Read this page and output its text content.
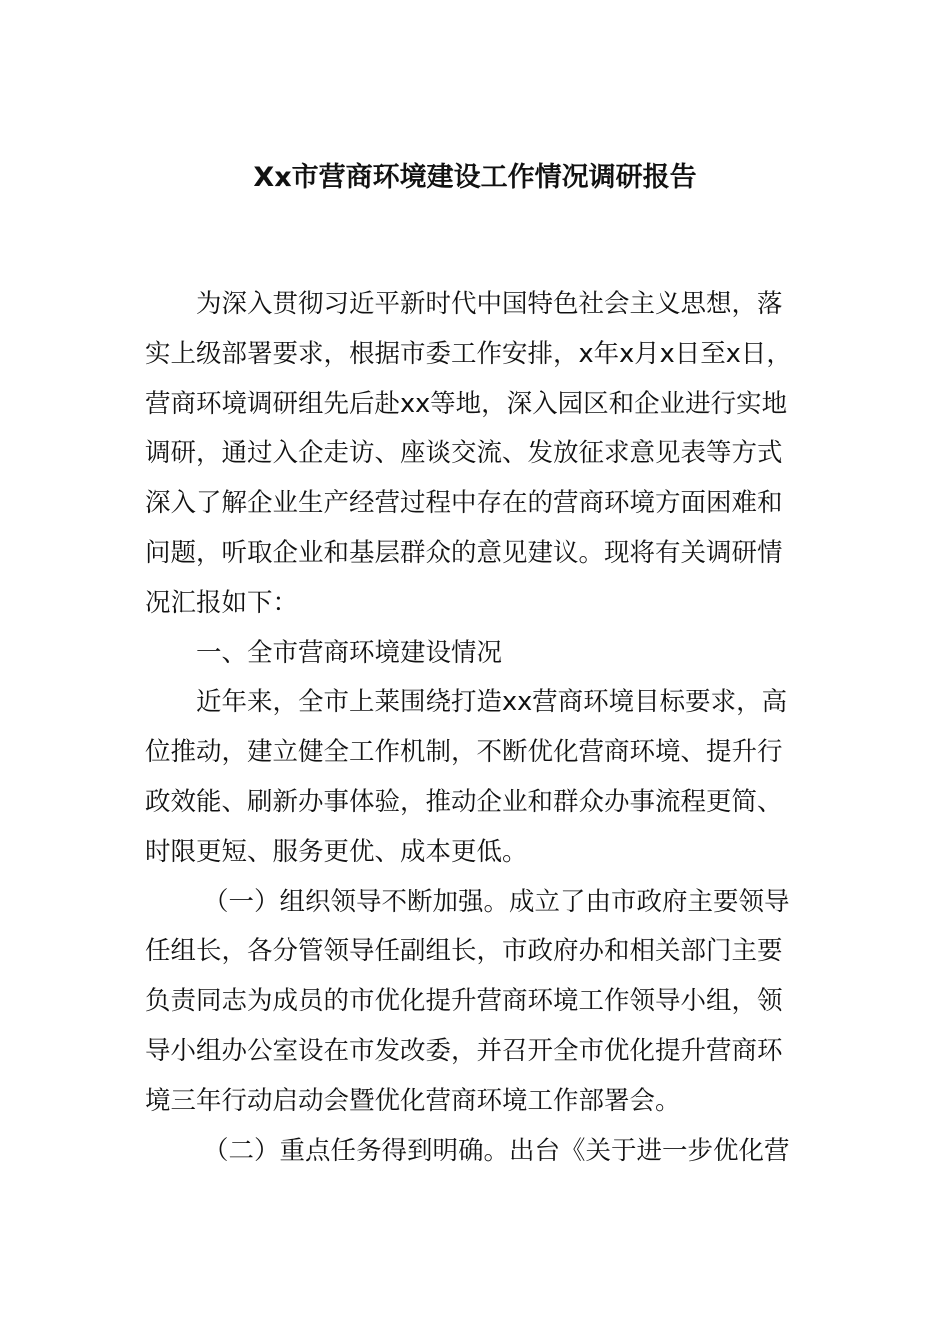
Xx市营商环境建设工作情况调研报告
为深入贯彻习近平新时代中国特色社会主义思想，落
实上级部署要求，根据市委工作安排，x年x月x日至x日，
营商环境调研组先后赴xx等地，深入园区和企业进行实地
调研，通过入企走访、座谈交流、发放征求意见表等方式
深入了解企业生产经营过程中存在的营商环境方面困难和
问题，听取企业和基层群众的意见建议。现将有关调研情
况汇报如下：
一、全市营商环境建设情况
近年来，全市上莱围绕打造xx营商环境目标要求，高
位推动，建立健全工作机制，不断优化营商环境、提升行
政效能、刷新办事体验，推动企业和群众办事流程更简、
时限更短、服务更优、成本更低。
（一）组织领导不断加强。成立了由市政府主要领导
任组长，各分管领导任副组长，市政府办和相关部门主要
负责同志为成员的市优化提升营商环境工作领导小组，领
导小组办公室设在市发改委，并召开全市优化提升营商环
境三年行动启动会暨优化营商环境工作部署会。
（二）重点任务得到明确。出台《关于进一步优化营
